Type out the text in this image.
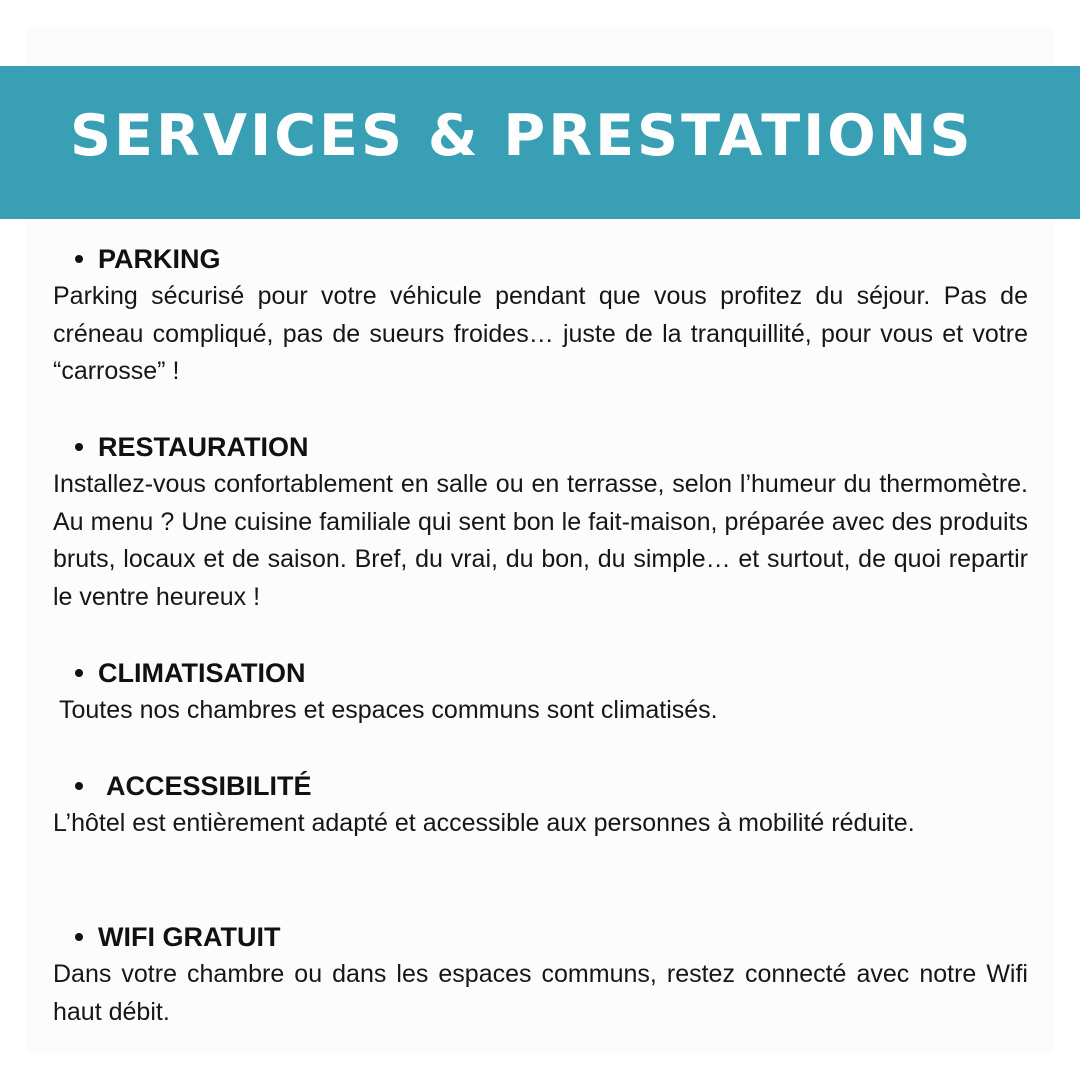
SERVICES & PRESTATIONS
PARKING

Parking sécurisé pour votre véhicule pendant que vous profitez du séjour. Pas de créneau compliqué, pas de sueurs froides… juste de la tranquillité, pour vous et votre “carrosse” !

RESTAURATION

Installez-vous confortablement en salle ou en terrasse, selon l’humeur du thermomètre. Au menu ? Une cuisine familiale qui sent bon le fait-maison, préparée avec des produits bruts, locaux et de saison. Bref, du vrai, du bon, du simple… et surtout, de quoi repartir le ventre heureux !

CLIMATISATION

Toutes nos chambres et espaces communs sont climatisés.

ACCESSIBILITÉ

L’hôtel est entièrement adapté et accessible aux personnes à mobilité réduite.

WIFI GRATUIT

Dans votre chambre ou dans les espaces communs, restez connecté avec notre Wifi haut débit.
